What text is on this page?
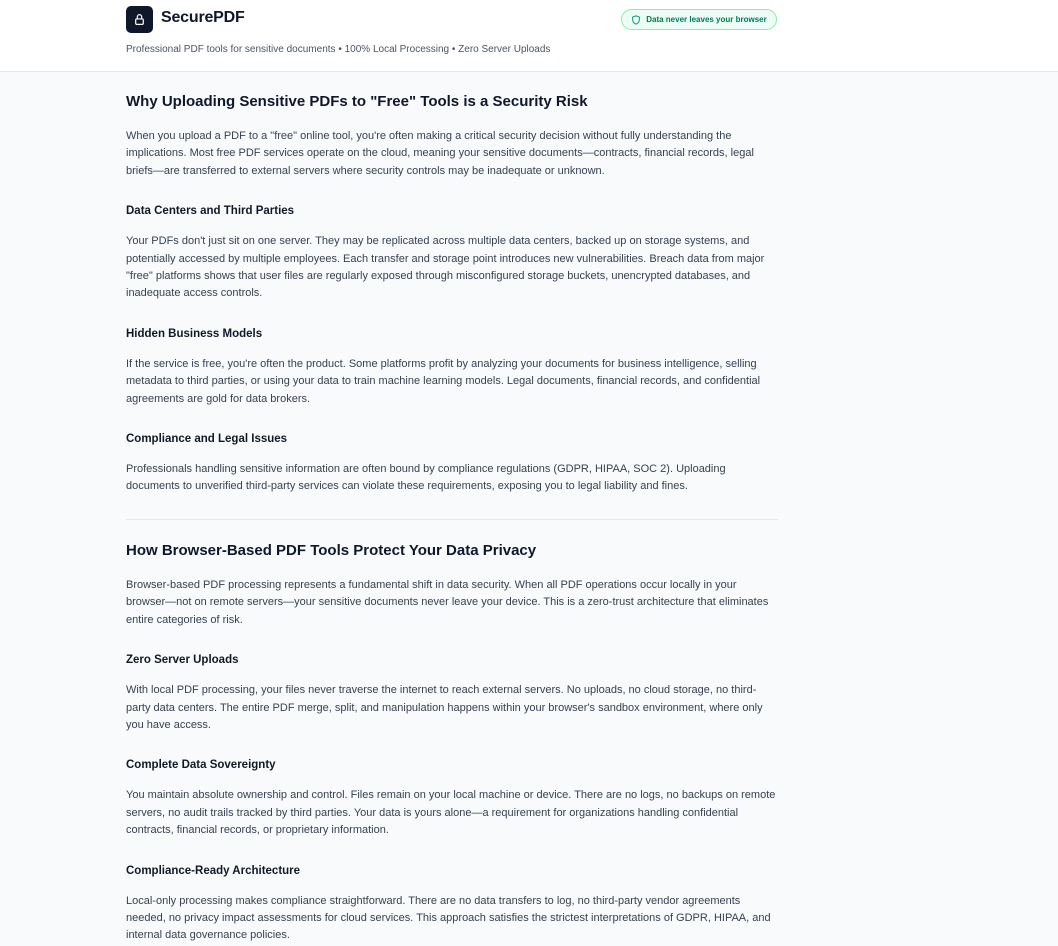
SecurePDF
Professional PDF tools for sensitive documents • 100% Local Processing • Zero Server Uploads
Data never leaves your browser
Why Uploading Sensitive PDFs to "Free" Tools is a Security Risk

When you upload a PDF to a "free" online tool, you're often making a critical security decision without fully understanding the implications. Most free PDF services operate on the cloud, meaning your sensitive documents—contracts, financial records, legal briefs—are transferred to external servers where security controls may be inadequate or unknown.

Data Centers and Third Parties

Your PDFs don't just sit on one server. They may be replicated across multiple data centers, backed up on storage systems, and potentially accessed by multiple employees. Each transfer and storage point introduces new vulnerabilities. Breach data from major "free" platforms shows that user files are regularly exposed through misconfigured storage buckets, unencrypted databases, and inadequate access controls.

Hidden Business Models

If the service is free, you're often the product. Some platforms profit by analyzing your documents for business intelligence, selling metadata to third parties, or using your data to train machine learning models. Legal documents, financial records, and confidential agreements are gold for data brokers.

Compliance and Legal Issues

Professionals handling sensitive information are often bound by compliance regulations (GDPR, HIPAA, SOC 2). Uploading documents to unverified third-party services can violate these requirements, exposing you to legal liability and fines.

How Browser-Based PDF Tools Protect Your Data Privacy

Browser-based PDF processing represents a fundamental shift in data security. When all PDF operations occur locally in your browser—not on remote servers—your sensitive documents never leave your device. This is a zero-trust architecture that eliminates entire categories of risk.

Zero Server Uploads

With local PDF processing, your files never traverse the internet to reach external servers. No uploads, no cloud storage, no third-party data centers. The entire PDF merge, split, and manipulation happens within your browser's sandbox environment, where only you have access.

Complete Data Sovereignty

You maintain absolute ownership and control. Files remain on your local machine or device. There are no logs, no backups on remote servers, no audit trails tracked by third parties. Your data is yours alone—a requirement for organizations handling confidential contracts, financial records, or proprietary information.

Compliance-Ready Architecture

Local-only processing makes compliance straightforward. There are no data transfers to log, no third-party vendor agreements needed, no privacy impact assessments for cloud services. This approach satisfies the strictest interpretations of GDPR, HIPAA, and internal data governance policies.
